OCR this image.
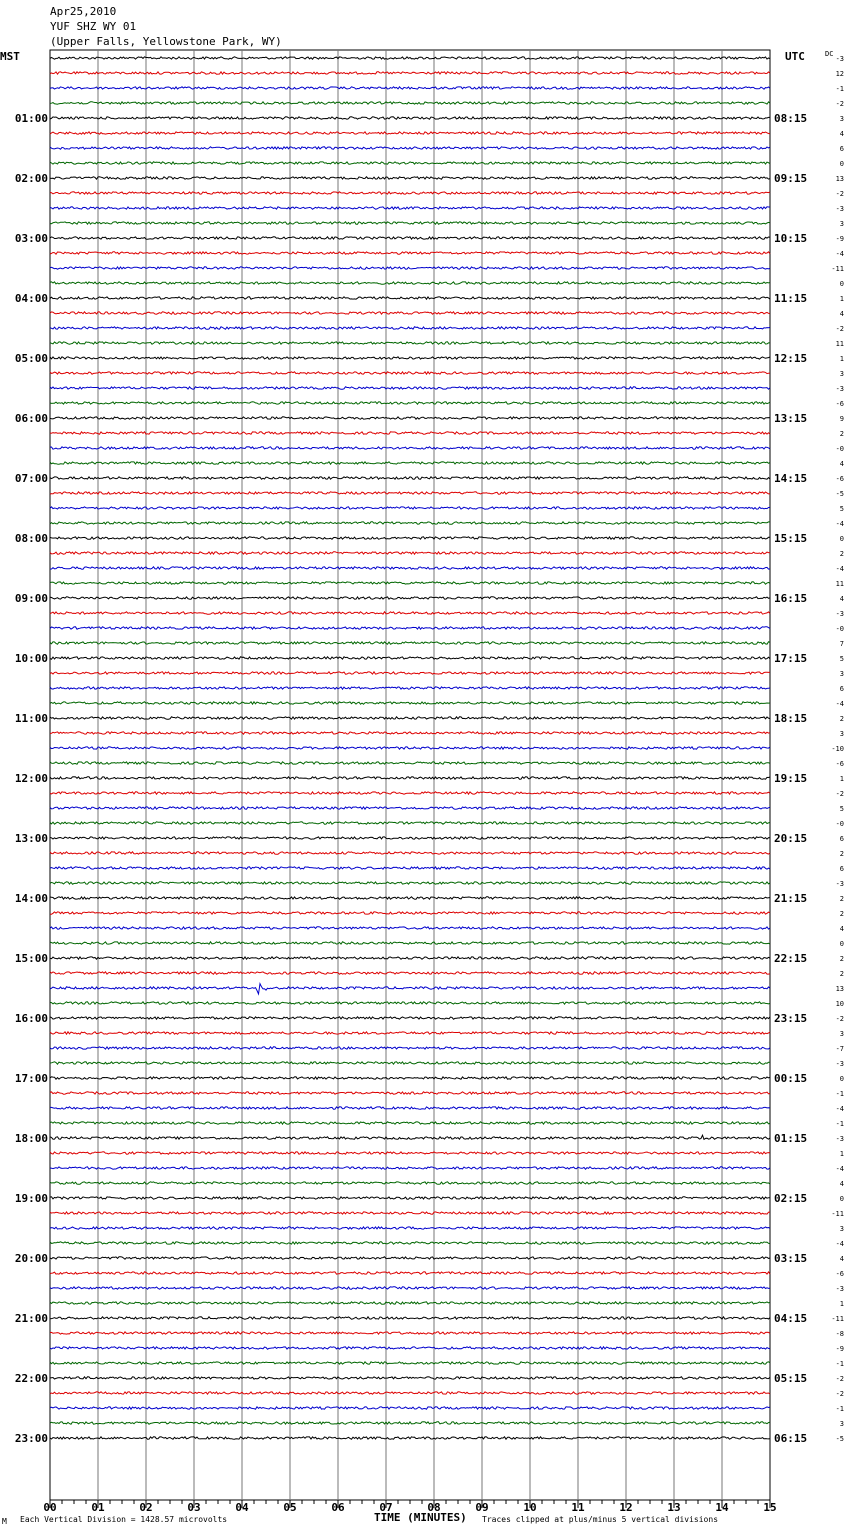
Apr25,2010
YUF SHZ WY 01
(Upper Falls, Yellowstone Park, WY)
MST	UTC
01:00
02:00
03:00
04:00
05:00
06:00
07:00
08:00
09:00
10:00
11:00
12:00
13:00
14:00
15:00
16:00
17:00
18:00
19:00
20:00
21:00
22:00
23:00
08:15
09:15
10:15
11:15
12:15
13:15
14:15
15:15
16:15
17:15
18:15
19:15
20:15
21:15
22:15
23:15
00:15
01:15
02:15
03:15
04:15
05:15
06:15
DC
-3
12
-1
-2
3
4
6
0
13
-2
-3
3
-9
-4
-11
0
1
4
-2
11
1
3
-3
-6
9
2
-0
4
-6
-5
5
-4
0
2
-4
11
4
-3
-0
7
5
3
6
-4
2
3
-10
-6
1
-2
5
-0
6
2
6
-3
2
2
4
0
2
2
13
10
-2
3
-7
-3
0
-1
-4
-1
-3
1
-4
4
0
-11
3
-4
4
-6
-3
1
-11
-8
-9
-1
-2
-2
-1
3
-5
00	01	02	03	04	05	06	07	08	09	10	11	12	13	14	15
M Each Vertical Division = 1428.57 microvolts	TIME (MINUTES) Traces clipped at plus/minus 5 vertical divisions
